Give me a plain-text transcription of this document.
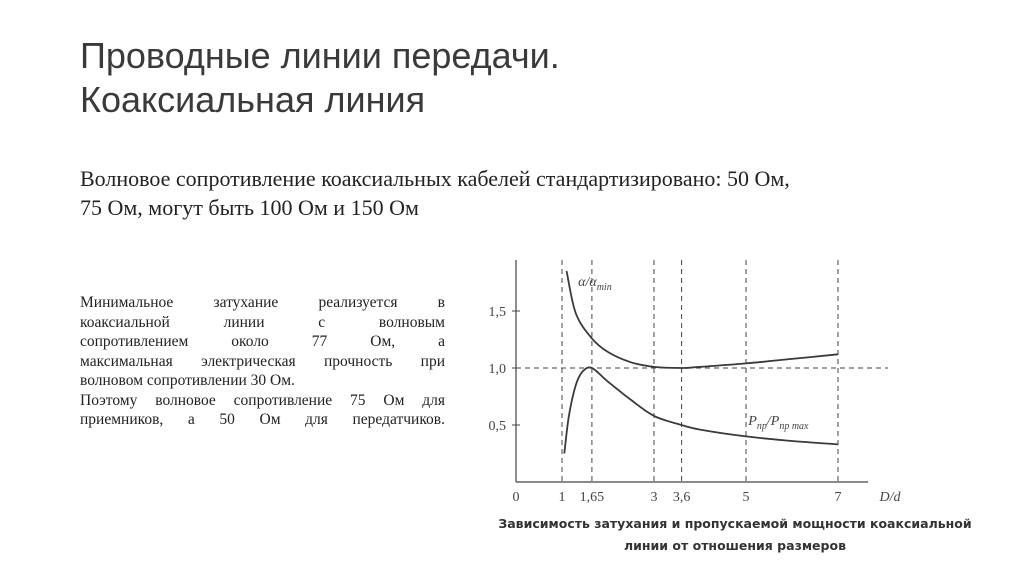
Проводные линии передачи.
Коаксиальная линия
Волновое сопротивление коаксиальных кабелей стандартизировано: 50 Ом,
75 Ом, могут быть 100 Ом и 150 Ом

Минимальное затухание реализуется в

коаксиальной линии с волновым

сопротивлением около 77 Ом, а

максимальная электрическая прочность при

волновом сопротивлении 30 Ом.

Поэтому волновое сопротивление 75 Ом для

приемников, а 50 Ом для передатчиков.	0,5
1,0
1,5
0	1 1,65	3 3,6	5	7	D/d
$\alpha/\alpha_{min}$
$P_{пр}/P_{пр max}$
Зависимость затухания и пропускаемой мощности коаксиальной
линии от отношения размеров
